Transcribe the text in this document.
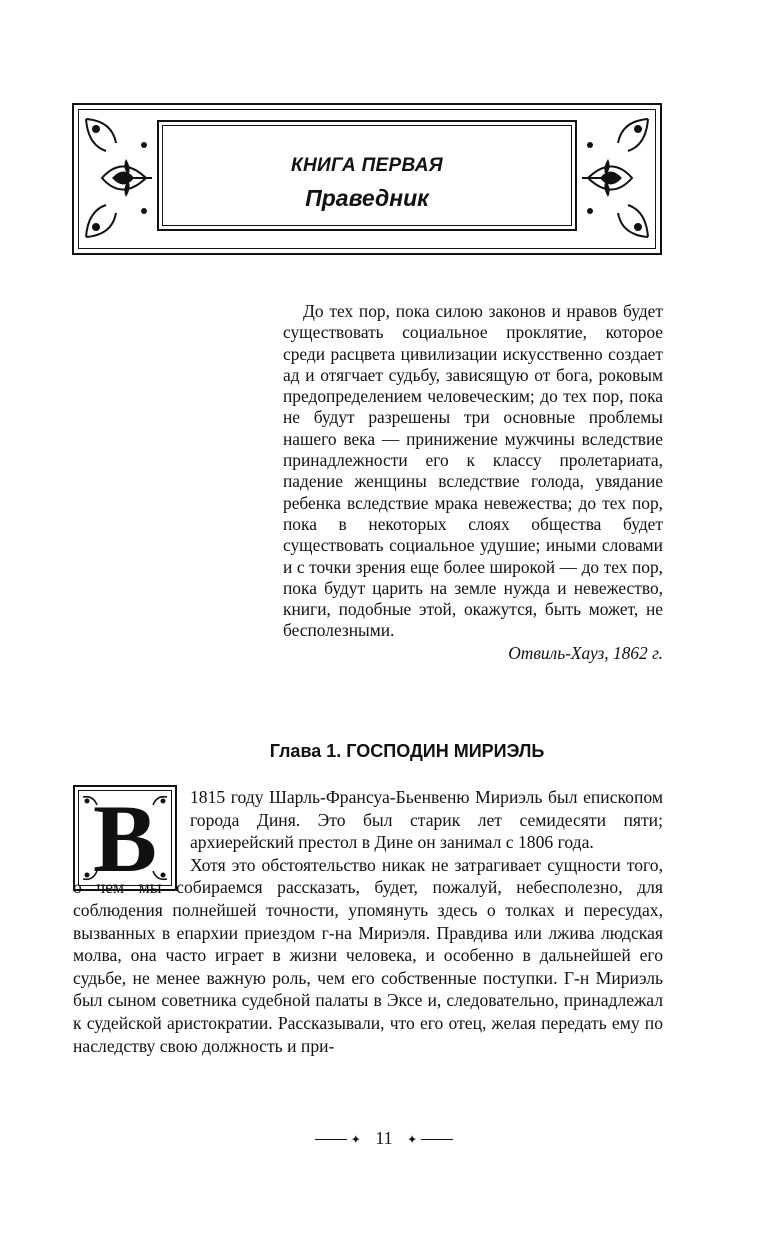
КНИГА ПЕРВАЯ
Праведник

До тех пор, пока силою законов и нравов будет существовать социальное проклятие, которое среди расцвета цивилизации искусственно создает ад и отягчает судьбу, зависящую от бога, роковым предопределением человеческим; до тех пор, пока не будут разрешены три основные проблемы нашего века — принижение мужчины вследствие принадлежности его к классу пролетариата, падение женщины вследствие голода, увядание ребенка вследствие мрака невежества; до тех пор, пока в некоторых слоях общества будет существовать социальное удушие; иными словами и с точки зрения еще более широкой — до тех пор, пока будут царить на земле нужда и невежество, книги, подобные этой, окажутся, быть может, не бесполезными.

Отвиль-Хауз, 1862 г.

Глава 1. ГОСПОДИН МИРИЭЛЬ
В	1815 году Шарль-Франсуа-Бьенвеню Мириэль был епископом города Диня. Это был старик лет семидесяти пяти; архиерейский престол в Дине он занимал с 1806 года.

Хотя это обстоятельство никак не затрагивает сущности того, о чем мы собираемся рассказать, будет, пожалуй, небесполезно, для соблюдения полнейшей точности, упомянуть здесь о толках и пересудах, вызванных в епархии приездом г-на Мириэля. Правдива или лжива людская молва, она часто играет в жизни человека, и особенно в дальнейшей его судьбе, не менее важную роль, чем его собственные поступки. Г-н Мириэль был сыном советника судебной палаты в Эксе и, следовательно, принадлежал к судейской аристократии. Рассказывали, что его отец, желая передать ему по наследству свою должность и при-

✦ 11 ✦
